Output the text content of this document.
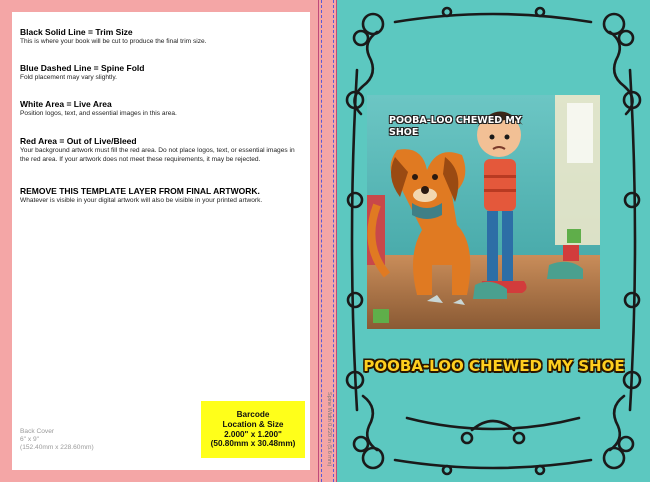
Black Solid Line = Trim Size

This is where your book will be cut to produce the final trim size.

Blue Dashed Line = Spine Fold

Fold placement may vary slightly.

White Area = Live Area

Position logos, text, and essential images in this area.

Red Area = Out of Live/Bleed

Your background artwork must fill the red area. Do not place logos, text, or essential images in the red area. If your artwork does not meet these requirements, it may be rejected.

REMOVE THIS TEMPLATE LAYER FROM FINAL ARTWORK.

Whatever is visible in your digital artwork will also be visible in your printed artwork.

Back Cover
6" x 9"
(152.40mm x 228.60mm)
Barcode
Location & Size
2.000" x 1.200"
(50.80mm x 30.48mm)	Spine Width 0.220 in (5.6 mm)
POOBA-LOO CHEWED MY SHOE
POOBA-LOO CHEWED MY SHOE
